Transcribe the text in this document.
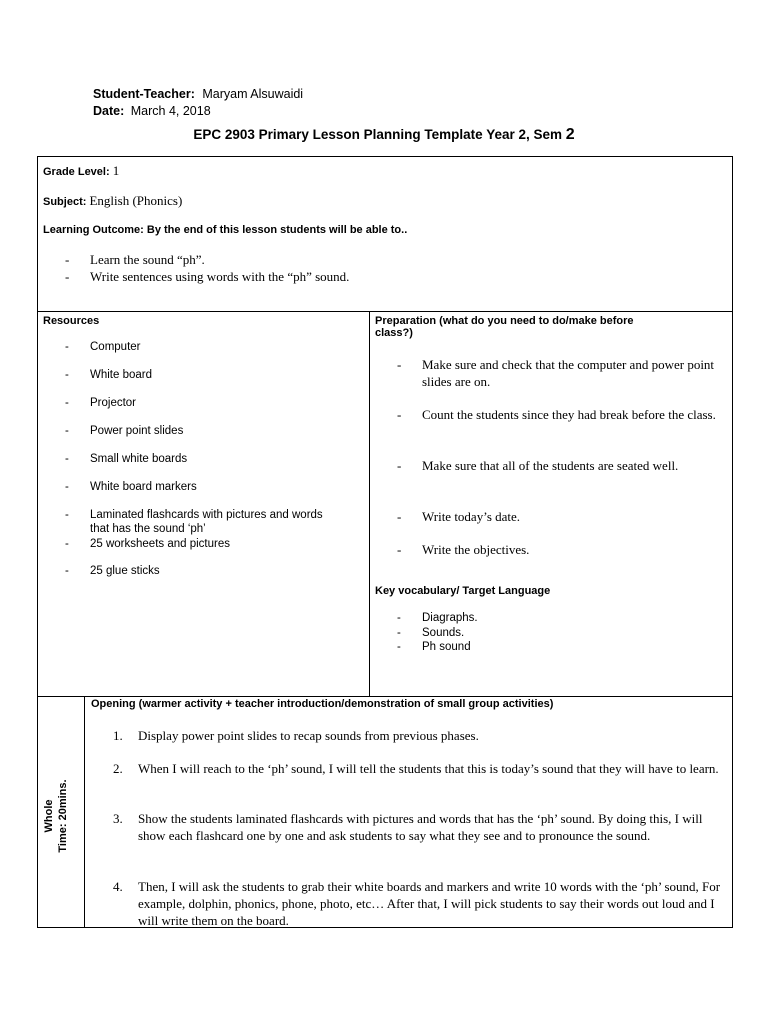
Student-Teacher: Maryam Alsuwaidi
Date: March 4, 2018
EPC 2903 Primary Lesson Planning Template Year 2, Sem 2
Grade Level: 1
Subject: English (Phonics)
Learning Outcome: By the end of this lesson students will be able to..
- Learn the sound “ph”.
- Write sentences using words with the “ph” sound.
Resources
- Computer
- White board
- Projector
- Power point slides
- Small white boards
- White board markers
- Laminated flashcards with pictures and words
that has the sound ‘ph’
- 25 worksheets and pictures
- 25 glue sticks
Preparation (what do you need to do/make before
class?)
- Make sure and check that the computer and power point slides are on.
- Count the students since they had break before the class.
- Make sure that all of the students are seated well.
- Write today’s date.
- Write the objectives.
Key vocabulary/ Target Language
- Diagraphs.
- Sounds.
- Ph sound
Whole Time: 20mins.
Opening (warmer activity + teacher introduction/demonstration of small group activities)
1. Display power point slides to recap sounds from previous phases.
2. When I will reach to the ‘ph’ sound, I will tell the students that this is today’s sound that they will have to learn.
3. Show the students laminated flashcards with pictures and words that has the ‘ph’ sound. By doing this, I will show each flashcard one by one and ask students to say what they see and to pronounce the sound.
4. Then, I will ask the students to grab their white boards and markers and write 10 words with the ‘ph’ sound, For example, dolphin, phonics, phone, photo, etc… After that, I will pick students to say their words out loud and I will write them on the board.
